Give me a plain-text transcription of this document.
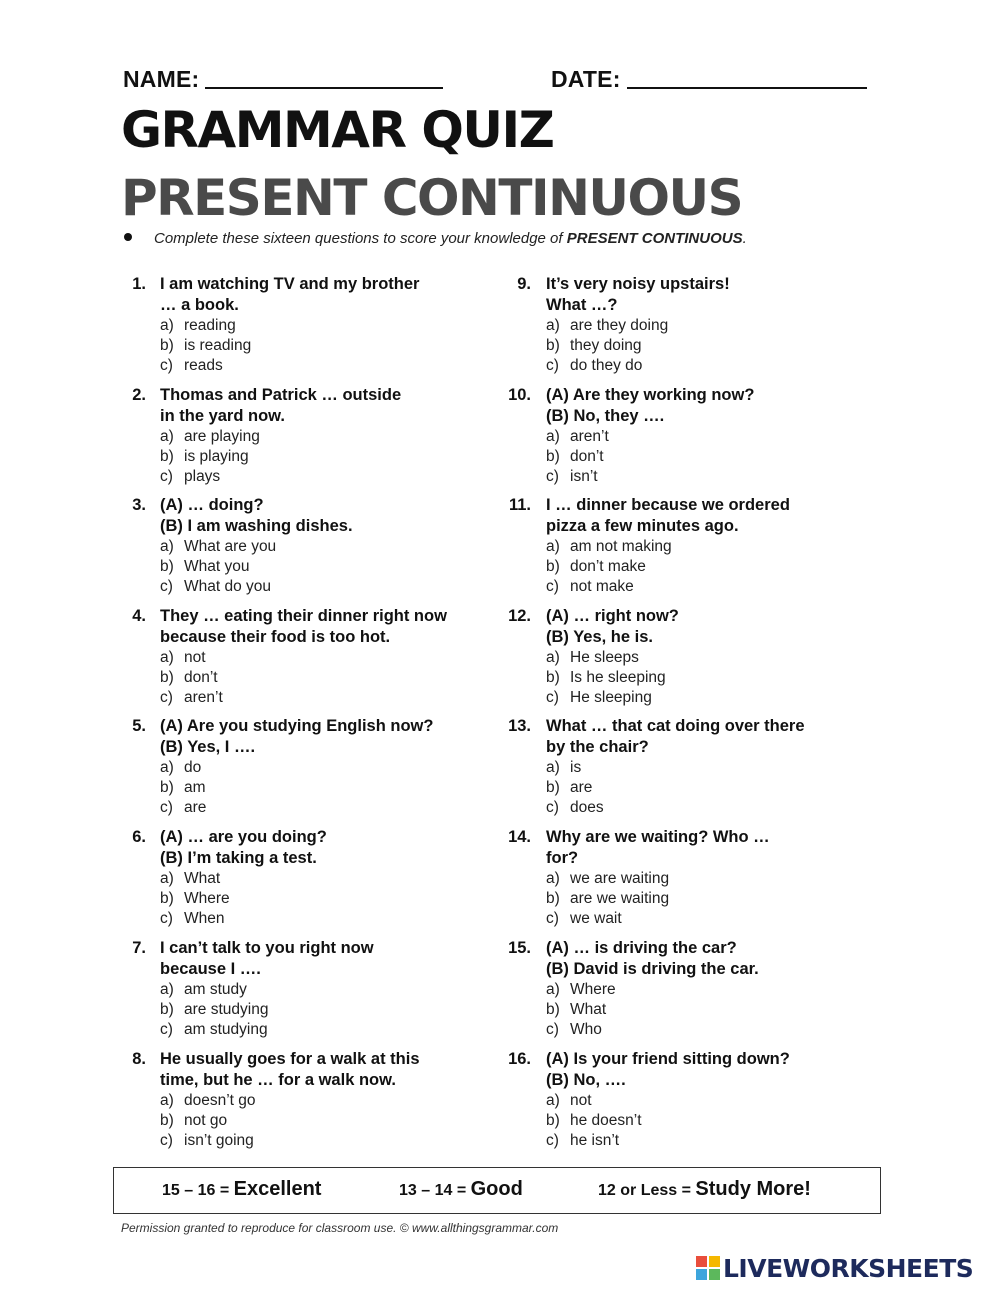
NAME:	DATE:
GRAMMAR QUIZ
PRESENT CONTINUOUS
Complete these sixteen questions to score your knowledge of PRESENT CONTINUOUS.
1. I am watching TV and my brother
… a book.
a) reading
b) is reading
c) reads
2. Thomas and Patrick … outside
in the yard now.
a) are playing
b) is playing
c) plays
3. (A) … doing?
(B) I am washing dishes.
a) What are you
b) What you
c) What do you
4. They … eating their dinner right now
because their food is too hot.
a) not
b) don’t
c) aren’t
5. (A) Are you studying English now?
(B) Yes, I ….
a) do
b) am
c) are
6. (A) … are you doing?
(B) I’m taking a test.
a) What
b) Where
c) When
7. I can’t talk to you right now
because I ….
a) am study
b) are studying
c) am studying
8. He usually goes for a walk at this
time, but he … for a walk now.
a) doesn’t go
b) not go
c) isn’t going
9. It’s very noisy upstairs!
What …?
a) are they doing
b) they doing
c) do they do
10. (A) Are they working now?
(B) No, they ….
a) aren’t
b) don’t
c) isn’t
11. I … dinner because we ordered
pizza a few minutes ago.
a) am not making
b) don’t make
c) not make
12. (A) … right now?
(B) Yes, he is.
a) He sleeps
b) Is he sleeping
c) He sleeping
13. What … that cat doing over there
by the chair?
a) is
b) are
c) does
14. Why are we waiting? Who …
for?
a) we are waiting
b) are we waiting
c) we wait
15. (A) … is driving the car?
(B) David is driving the car.
a) Where
b) What
c) Who
16. (A) Is your friend sitting down?
(B) No, ….
a) not
b) he doesn’t
c) he isn’t
15 – 16 = Excellent	13 – 14 = Good	12 or Less = Study More!
Permission granted to reproduce for classroom use. © www.allthingsgrammar.com
LIVEWORKSHEETS
